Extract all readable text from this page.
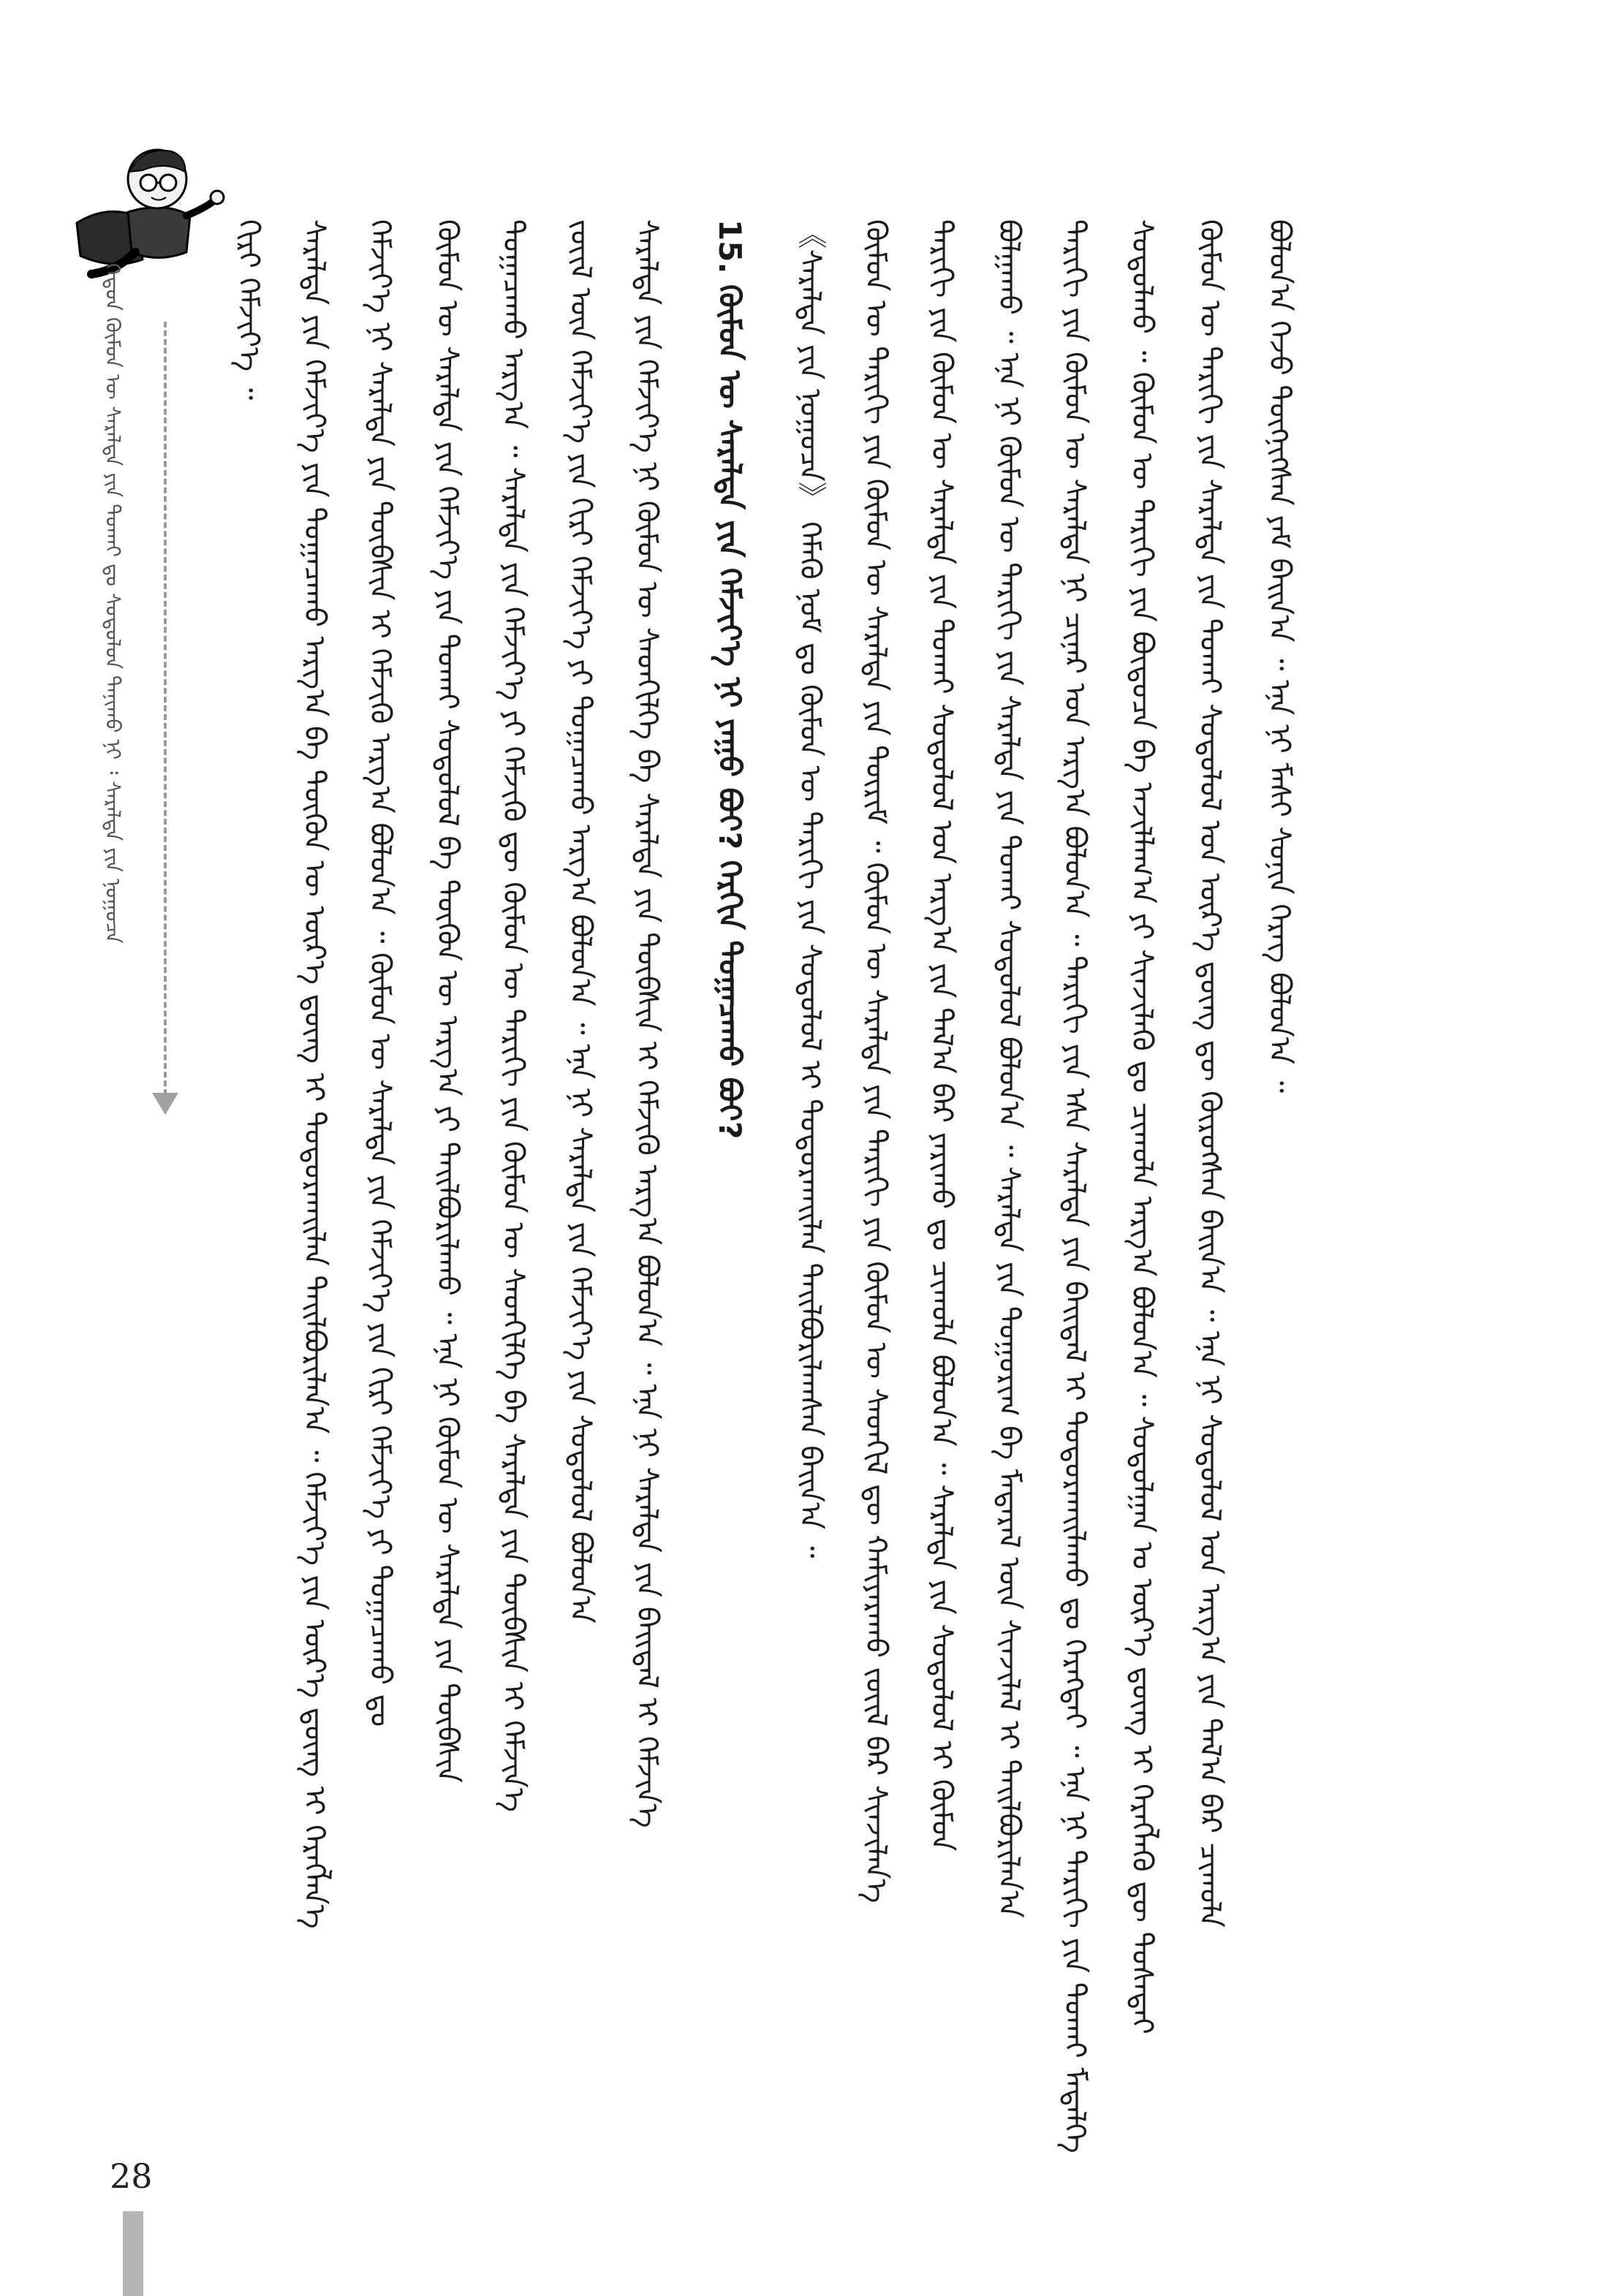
ᠬᠡᠳᠦᠨ ᠬᠦᠮᠦᠨ ᠦ ᠰᠡᠷᠡᠯᠲᠡ ᠶᠢᠨ ᠲᠤᠬᠠᠢ ᠳᠤ ᠰᠤᠳᠤᠯᠤᠨ ᠲᠠᠨᠢᠬᠤ ᠨᠢ ᠄ ᠰᠡᠷᠡᠯᠲᠡ ᠶᠢᠨ ᠨᠤᠭᠤᠴᠠ	ᠪᠣᠯᠤᠨ᠎ᠠ ᠭᠡᠵᠦ ᠳᠦᠭᠨᠢᠭᠰᠡᠨ ᠶᠠᠮ ᠪᠠᠢᠨ᠎ᠠ ᠃ ᠡᠨᠡ ᠨᠢ ᠮᠠᠰᠢ ᠰᠣᠨᠢᠨ ᠬᠡᠷᠡᠭ ᠪᠣᠯᠤᠨ᠎ᠠ ᠃
ᠬᠦᠮᠦᠨ ᠦ ᠲᠠᠷᠢᠬᠢ ᠶᠢᠨ ᠰᠡᠷᠡᠯᠲᠡ ᠶᠢᠨ ᠲᠤᠬᠠᠢ ᠰᠤᠳᠤᠯᠤᠯ ᠤᠨ ᠦᠷ᠎ᠡ ᠳ᠋ᠦᠩ ᠳᠦ ᠬᠦᠷᠦᠭᠰᠡᠨ ᠪᠠᠢᠨ᠎ᠠ ᠃ ᠡᠨᠡ ᠨᠢ ᠰᠤᠳᠤᠯᠤᠯ ᠤᠨ ᠠᠷᠭ᠎ᠠ ᠶᠢᠨ ᠲᠠᠯ᠎ᠠ ᠪᠠᠷ ᠴᠢᠬᠤᠯᠠ
ᠰᠤᠳᠤᠯᠬᠤ ᠃ ᠬᠦᠮᠦᠨ ᠦ ᠲᠠᠷᠢᠬᠢ ᠶᠢᠨ ᠪᠦᠲᠦᠴᠡ ᠪᠠ ᠠᠵᠢᠯᠯᠠᠭ᠎ᠠ ᠶᠢ ᠰᠢᠨᠵᠢᠯᠡᠬᠦ ᠳᠤ ᠴᠢᠬᠤᠯᠠ ᠠᠷᠭ᠎ᠠ ᠪᠣᠯᠤᠨ᠎ᠠ ᠃ ᠰᠤᠳᠤᠯᠭᠠᠨ ᠤ ᠦᠷ᠎ᠡ ᠳ᠋ᠦᠩ ᠢ ᠬᠡᠷᠡᠭᠯᠡᠬᠦ ᠳᠦ ᠲᠤᠰᠠᠲᠠᠢ
ᠲᠠᠷᠢᠬᠢ ᠶᠢᠨ ᠬᠦᠮᠦᠨ ᠦ ᠰᠡᠷᠡᠯᠲᠡ ᠨᠢ ᠴᠢᠨᠠᠷ ᠤᠨ ᠠᠷᠭ᠎ᠠ ᠪᠣᠯᠤᠨ᠎ᠠ ᠃ ᠲᠠᠷᠢᠬᠢ ᠶᠢᠨ ᠡᠰᠡ ᠰᠡᠷᠡᠯᠲᠡ ᠶᠢᠨ ᠪᠠᠢᠳᠠᠯ ᠢ ᠲᠤᠳᠤᠷᠬᠠᠢᠯᠠᠬᠤ ᠳᠤ ᠬᠡᠷᠡᠭᠲᠡᠢ ᠃ ᠡᠨᠡ ᠨᠢ ᠲᠠᠷᠢᠬᠢ ᠶᠢᠨ ᠲᠤᠬᠠᠢ ᠮᠡᠳᠡᠯᠭᠡ
ᠪᠣᠯᠭᠠᠬᠤ ᠃ ᠡᠨᠡ ᠨᠢ ᠬᠦᠮᠦᠨ ᠦ ᠲᠠᠷᠢᠬᠢ ᠶᠢᠨ ᠰᠡᠷᠡᠯᠲᠡ ᠶᠢᠨ ᠲᠤᠬᠠᠢ ᠰᠤᠳᠤᠯᠤᠯ ᠪᠣᠯᠤᠨ᠎ᠠ ᠃ ᠰᠡᠷᠡᠯᠲᠡ ᠶᠢᠨ ᠲᠤᠭᠤᠷᠢᠭ ᠪᠠ ᠮᠡᠳᠡᠷᠡᠯ ᠦᠨ ᠰᠢᠨᠵᠢᠯᠡᠯ ᠢ ᠲᠠᠢᠯᠪᠤᠷᠢᠯᠠᠨ᠎ᠠ
ᠲᠠᠷᠢᠬᠢ ᠶᠢᠨ ᠬᠦᠮᠦᠨ ᠦ ᠰᠡᠷᠡᠯᠲᠡ ᠶᠢᠨ ᠲᠤᠬᠠᠢ ᠰᠤᠳᠤᠯᠤᠯ ᠤᠨ ᠠᠷᠭ᠎ᠠ ᠶᠢᠨ ᠲᠠᠯ᠎ᠠ ᠪᠠᠷ ᠶᠠᠷᠢᠬᠤ ᠳᠤ ᠴᠢᠬᠤᠯᠠ ᠪᠣᠯᠤᠨ᠎ᠠ ᠃ ᠰᠡᠷᠡᠯᠲᠡ ᠶᠢᠨ ᠰᠤᠳᠤᠯᠤᠯ ᠢ ᠬᠦᠮᠦᠨ
ᠬᠦᠮᠦᠨ ᠦ ᠲᠠᠷᠢᠬᠢ ᠶᠢᠨ ᠬᠦᠮᠦᠨ ᠦ ᠰᠡᠷᠡᠯᠲᠡ ᠶᠢᠨ ᠳᠦᠷᠢᠮ ᠃ ᠬᠦᠮᠦᠨ ᠦ ᠰᠡᠷᠡᠯᠲᠡ ᠶᠢᠨ ᠲᠠᠷᠢᠬᠢ ᠶᠢᠨ ᠬᠦᠮᠦᠨ ᠦ ᠰᠡᠳᠬᠢᠯ ᠳᠦ ᠬᠠᠮᠢᠶᠠᠷᠠᠬᠤ ᠵᠦᠢᠯ ᠪᠠᠷ ᠰᠢᠨᠵᠢᠯᠡᠨ᠎ᠡ
《ᠰᠡᠷᠡᠯᠲᠡ ᠶᠢᠨ ᠨᠤᠭᠤᠴᠠ》 ᠬᠡᠮᠡᠬᠦ ᠨᠣᠮ ᠳᠤ ᠬᠦᠮᠦᠨ ᠦ ᠲᠠᠷᠢᠬᠢ ᠶᠢᠨ ᠰᠤᠳᠤᠯᠤᠯ ᠢ ᠲᠣᠳᠣᠷᠬᠠᠢᠯᠠᠨ ᠲᠠᠢᠯᠪᠤᠷᠢᠯᠠᠭᠰᠠᠨ ᠪᠠᠢᠨ᠎ᠠ ᠃
15. ᠬᠦᠮᠦᠨ ᠦ ᠰᠡᠷᠡᠯᠲᠡ ᠶᠢᠨ ᠬᠡᠮᠵᠢᠶ᠎ᠡ ᠨᠢ ᠶᠠᠭᠤ ᠪᠤᠢ? ᠬᠡᠷᠬᠢᠨ ᠲᠣᠭᠠᠴᠠᠬᠤ ᠪᠤᠢ?
ᠰᠡᠷᠡᠯᠲᠡ ᠶᠢᠨ ᠬᠡᠮᠵᠢᠶ᠎ᠡ ᠨᠢ ᠬᠦᠮᠦᠨ ᠦ ᠰᠡᠳᠬᠢᠯᠭᠡ ᠪᠠ ᠰᠡᠷᠡᠯᠲᠡ ᠶᠢᠨ ᠲᠦᠪᠰᠢᠨ ᠢ ᠬᠡᠮᠵᠢᠬᠦ ᠠᠷᠭ᠎ᠠ ᠪᠣᠯᠤᠨ᠎ᠠ ᠃ ᠡᠨᠡ ᠨᠢ ᠰᠡᠷᠡᠯᠲᠡ ᠶᠢᠨ ᠪᠠᠢᠳᠠᠯ ᠢ ᠬᠡᠮᠵᠢᠨ᠎ᠡ
ᠵᠦᠢᠯ ᠦᠨ ᠬᠡᠮᠵᠢᠶ᠎ᠡ ᠶᠢᠨ ᠬᠢᠷᠢ ᠬᠡᠮᠵᠢᠶ᠎ᠡ ᠶᠢ ᠲᠣᠭᠠᠴᠠᠬᠤ ᠠᠷᠭ᠎ᠠ ᠪᠣᠯᠤᠨ᠎ᠠ ᠃ ᠡᠨᠡ ᠨᠢ ᠰᠡᠷᠡᠯᠲᠡ ᠶᠢᠨ ᠬᠡᠮᠵᠢᠶ᠎ᠡ ᠶᠢᠨ ᠰᠤᠳᠤᠯᠤᠯ ᠪᠣᠯᠤᠨ᠎ᠠ
ᠲᠣᠭᠠᠴᠠᠬᠤ ᠠᠷᠭ᠎ᠠ ᠃ ᠰᠡᠷᠡᠯᠲᠡ ᠶᠢᠨ ᠬᠡᠮᠵᠢᠶ᠎ᠡ ᠶᠢ ᠬᠡᠮᠵᠢᠬᠦ ᠳᠦ ᠬᠦᠮᠦᠨ ᠦ ᠲᠠᠷᠢᠬᠢ ᠶᠢᠨ ᠬᠦᠮᠦᠨ ᠦ ᠰᠡᠳᠬᠢᠯᠭᠡ ᠪᠠ ᠰᠡᠷᠡᠯᠲᠡ ᠶᠢᠨ ᠲᠦᠪᠰᠢᠨ ᠢ ᠬᠡᠮᠵᠢᠨ᠎ᠡ
ᠬᠦᠮᠦᠨ ᠦ ᠰᠡᠷᠡᠯᠲᠡ ᠶᠢᠨ ᠬᠡᠮᠵᠢᠶ᠎ᠡ ᠶᠢᠨ ᠲᠤᠬᠠᠢ ᠰᠤᠳᠤᠯᠤᠯ ᠪᠠ ᠲᠦᠭᠦᠨ ᠦ ᠠᠷᠭ᠎ᠠ ᠶᠢ ᠲᠠᠢᠯᠪᠤᠷᠢᠯᠠᠬᠤ ᠃ ᠡᠨᠡ ᠨᠢ ᠬᠦᠮᠦᠨ ᠦ ᠰᠡᠷᠡᠯᠲᠡ ᠶᠢᠨ ᠲᠦᠪᠰᠢᠨ
ᠬᠡᠮᠵᠢᠶ᠎ᠡ ᠨᠢ ᠰᠡᠷᠡᠯᠲᠡ ᠶᠢᠨ ᠲᠦᠪᠰᠢᠨ ᠢ ᠬᠡᠮᠵᠢᠬᠦ ᠠᠷᠭ᠎ᠠ ᠪᠣᠯᠤᠨ᠎ᠠ ᠃ ᠬᠦᠮᠦᠨ ᠦ ᠰᠡᠷᠡᠯᠲᠡ ᠶᠢᠨ ᠬᠡᠮᠵᠢᠶ᠎ᠡ ᠶᠢᠨ ᠬᠢᠷᠢ ᠬᠡᠮᠵᠢᠶ᠎ᠡ ᠶᠢ ᠲᠣᠭᠠᠴᠠᠬᠤ ᠳᠤ
ᠰᠡᠷᠡᠯᠲᠡ ᠶᠢᠨ ᠬᠡᠮᠵᠢᠶ᠎ᠡ ᠶᠢᠨ ᠲᠣᠭᠠᠴᠠᠬᠤ ᠠᠷᠭ᠎ᠠ ᠪᠠ ᠲᠦᠭᠦᠨ ᠦ ᠦᠷ᠎ᠡ ᠳ᠋ᠦᠩ ᠢ ᠲᠣᠳᠣᠷᠬᠠᠢᠯᠠᠨ ᠲᠠᠢᠯᠪᠤᠷᠢᠯᠠᠨ᠎ᠠ ᠃ ᠬᠡᠮᠵᠢᠶ᠎ᠡ ᠶᠢᠨ ᠦᠷ᠎ᠡ ᠳ᠋ᠦᠩ ᠢ ᠬᠡᠷᠡᠭᠯᠡᠨ᠎ᠡ
ᠬᠢᠷᠢ ᠬᠡᠮᠵᠢᠶ᠎ᠡ ᠃
28
